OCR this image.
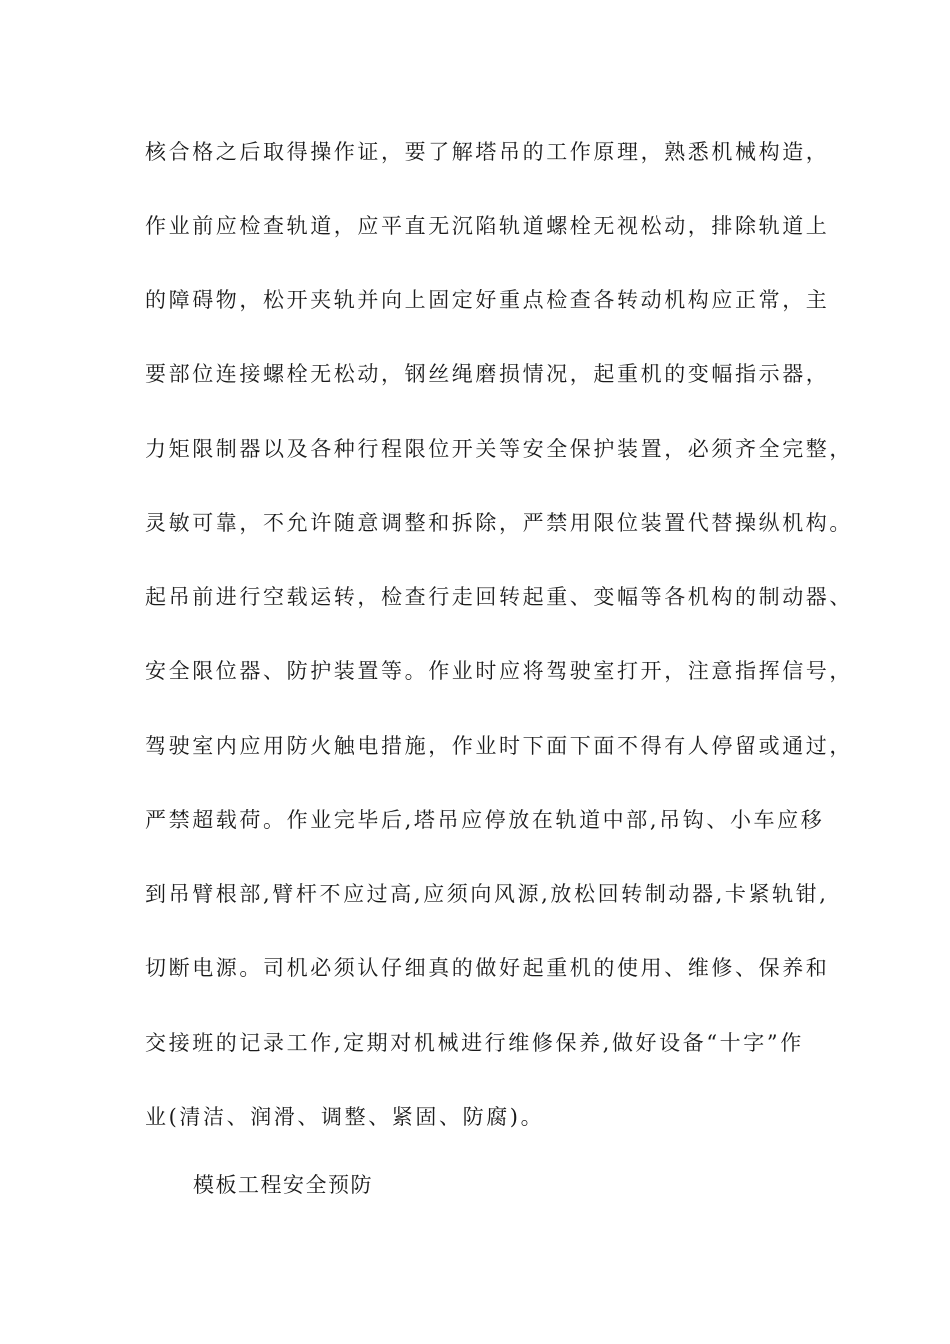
核合格之后取得操作证，要了解塔吊的工作原理，熟悉机械构造，
作业前应检查轨道，应平直无沉陷轨道螺栓无视松动，排除轨道上
的障碍物，松开夹轨并向上固定好重点检查各转动机构应正常，主
要部位连接螺栓无松动，钢丝绳磨损情况，起重机的变幅指示器，
力矩限制器以及各种行程限位开关等安全保护装置，必须齐全完整，
灵敏可靠，不允许随意调整和拆除，严禁用限位装置代替操纵机构。
起吊前进行空载运转，检查行走回转起重、变幅等各机构的制动器、
安全限位器、防护装置等。作业时应将驾驶室打开，注意指挥信号，
驾驶室内应用防火触电措施，作业时下面下面不得有人停留或通过，
严禁超载荷。作业完毕后,塔吊应停放在轨道中部,吊钩、小车应移
到吊臂根部,臂杆不应过高,应须向风源,放松回转制动器,卡紧轨钳,
切断电源。司机必须认仔细真的做好起重机的使用、维修、保养和
交接班的记录工作,定期对机械进行维修保养,做好设备“十字”作
业(清洁、润滑、调整、紧固、防腐)。
模板工程安全预防
